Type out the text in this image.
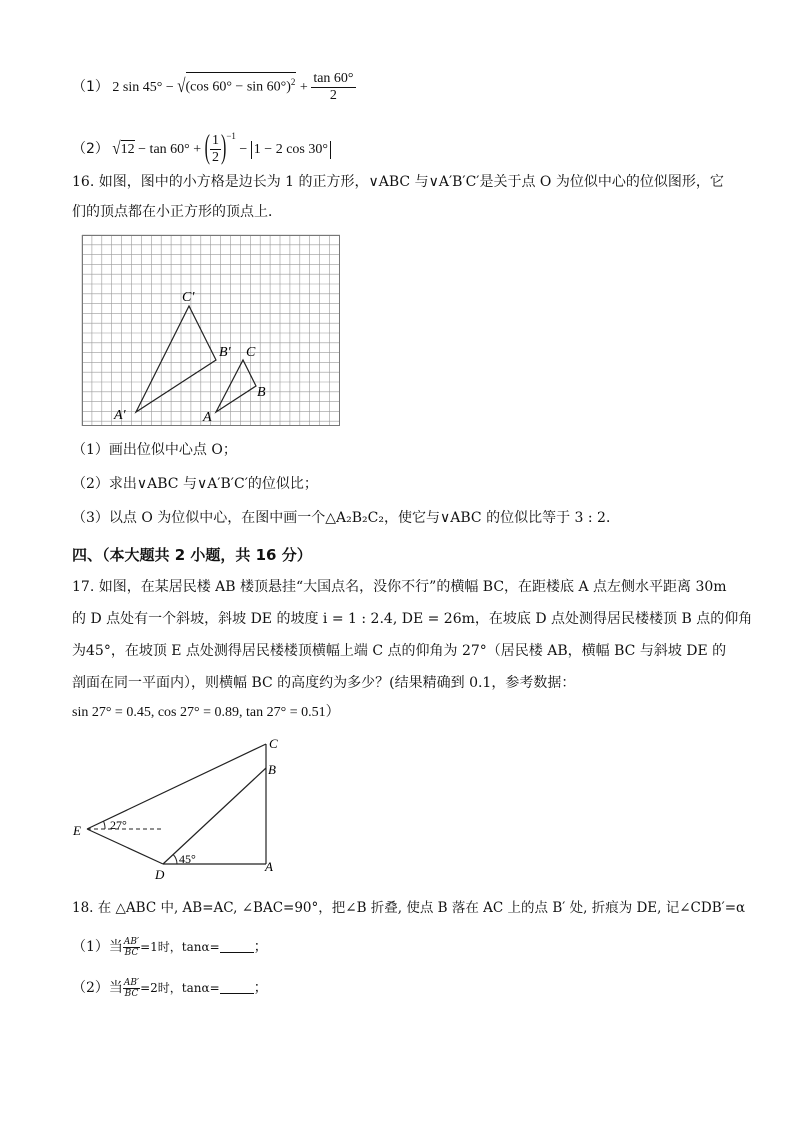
（1） 2 sin 45° − √(cos $60^\circ - \sin 60^\circ)^2 + \frac{\tan 60^\circ}{2}$
（2） √12 − tan 60° + ( $\frac{1}{2} )^{-1} - 1 - 2$ cos 30°
16. 如图，图中的小方格是边长为 1 的正方形，∨ABC 与∨A′B′C′是关于点 O 为位似中心的位似图形，它
们的顶点都在小正方形的顶点上．
C′
B′
A′
C
B
A
（1）画出位似中心点 O；
（2）求出∨ABC 与∨A′B′C′的位似比；
（3）以点 O 为位似中心，在图中画一个△A₂B₂C₂，使它与∨ABC 的位似比等于 3 : 2．
四、（本大题共 2 小题，共 16 分）
17. 如图，在某居民楼 AB 楼顶悬挂“大国点名，没你不行”的横幅 BC，在距楼底 A 点左侧水平距离 30m
的 D 点处有一个斜坡，斜坡 DE 的坡度 i = 1 : 2.4, DE = 26m，在坡底 D 点处测得居民楼楼顶 B 点的仰角
为45°，在坡顶 E 点处测得居民楼楼顶横幅上端 C 点的仰角为 27°（居民楼 AB，横幅 BC 与斜坡 DE 的
剖面在同一平面内），则横幅 BC 的高度约为多少？(结果精确到 0.1，参考数据：
sin 27° = 0.45, cos 27° = 0.89, tan 27° = 0.51）
C
B
E
D
A
27°
45°
18. 在 △ABC 中, AB=AC, ∠BAC=90°，把∠B 折叠, 使点 B 落在 AC 上的点 B′ 处, 折痕为 DE, 记∠CDB′=α
（1）当 $\frac{AB'}{BC} =1$时，tanα= ；
（2）当 $\frac{AB'}{BC} =2$时，tanα= ；
